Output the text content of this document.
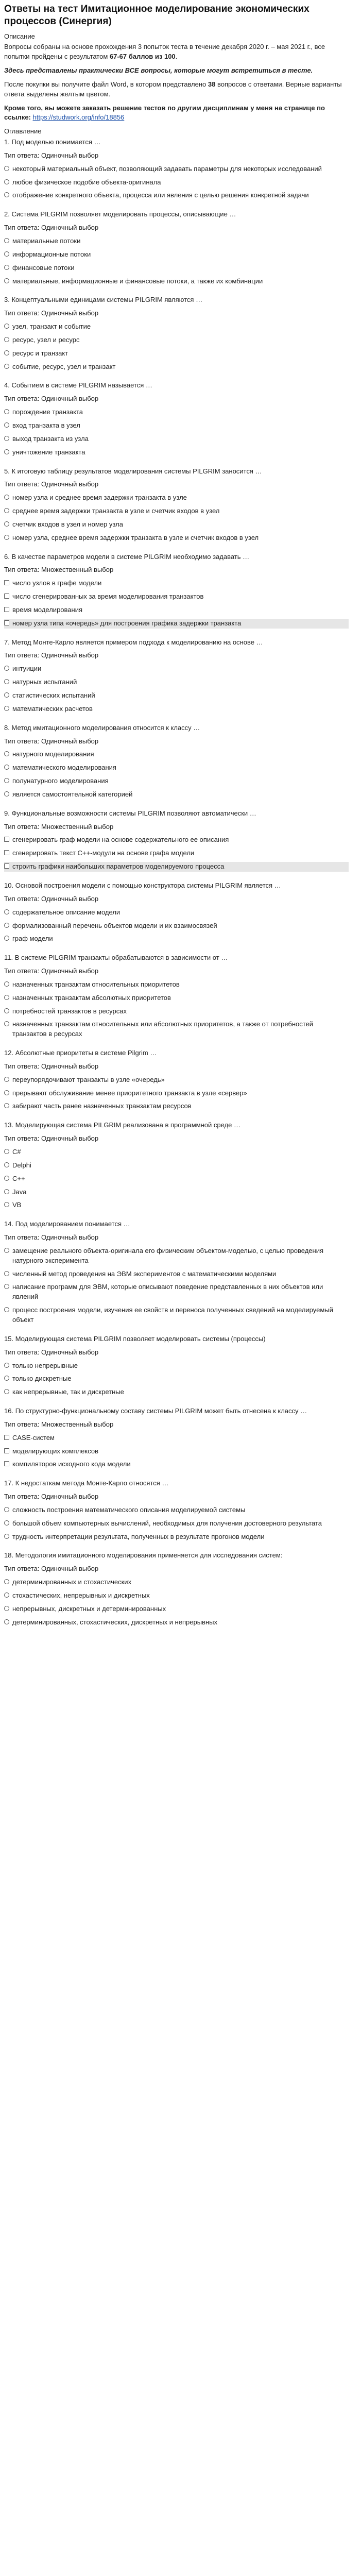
Ответы на тест Имитационное моделирование экономических процессов (Синергия)
Описание

Вопросы собраны на основе прохождения 3 попыток теста в течение декабря 2020 г. – мая 2021 г., все попытки пройдены с результатом 67-67 баллов из 100.

Здесь представлены практически ВСЕ вопросы, которые могут встретиться в тесте.

После покупки вы получите файл Word, в котором представлено 38 вопросов с ответами. Верные варианты ответа выделены желтым цветом.

Кроме того, вы можете заказать решение тестов по другим дисциплинам у меня на странице по ссылке: https://studwork.org/info/18856

Оглавление
1. Под моделью понимается …
Тип ответа: Одиночный выбор
некоторый материальный объект, позволяющий задавать параметры для некоторых исследований
любое физическое подобие объекта-оригинала
отображение конкретного объекта, процесса или явления с целью решения конкретной задачи
2. Система PILGRIM позволяет моделировать процессы, описывающие …
Тип ответа: Одиночный выбор
материальные потоки
информационные потоки
финансовые потоки
материальные, информационные и финансовые потоки, а также их комбинации
3. Концептуальными единицами системы PILGRIM являются …
Тип ответа: Одиночный выбор
узел, транзакт и событие
ресурс, узел и ресурс
ресурс и транзакт
событие, ресурс, узел и транзакт
4. Событием в системе PILGRIM называется …
Тип ответа: Одиночный выбор
порождение транзакта
вход транзакта в узел
выход транзакта из узла
уничтожение транзакта
5. К итоговую таблицу результатов моделирования системы PILGRIM заносится …
Тип ответа: Одиночный выбор
номер узла и среднее время задержки транзакта в узле
среднее время задержки транзакта в узле и счетчик входов в узел
счетчик входов в узел и номер узла
номер узла, среднее время задержки транзакта в узле и счетчик входов в узел
6. В качестве параметров модели в системе PILGRIM необходимо задавать …
Тип ответа: Множественный выбор
число узлов в графе модели
число сгенерированных за время моделирования транзактов
время моделирования
номер узла типа «очередь» для построения графика задержки транзакта
7. Метод Монте-Карло является примером подхода к моделированию на основе …
Тип ответа: Одиночный выбор
интуиции
натурных испытаний
статистических испытаний
математических расчетов
8. Метод имитационного моделирования относится к классу …
Тип ответа: Одиночный выбор
натурного моделирования
математического моделирования
полунатурного моделирования
является самостоятельной категорией
9. Функциональные возможности системы PILGRIM позволяют автоматически …
Тип ответа: Множественный выбор
сгенерировать граф модели на основе содержательного ее описания
сгенерировать текст C++-модули на основе графа модели
строить графики наибольших параметров моделируемого процесса
10. Основой построения модели с помощью конструктора системы PILGRIM является …
Тип ответа: Одиночный выбор
содержательное описание модели
формализованный перечень объектов модели и их взаимосвязей
граф модели
11. В системе PILGRIM транзакты обрабатываются в зависимости от …
Тип ответа: Одиночный выбор
назначенных транзактам относительных приоритетов
назначенных транзактам абсолютных приоритетов
потребностей транзактов в ресурсах
назначенных транзактам относительных или абсолютных приоритетов, а также от потребностей транзактов в ресурсах
12. Абсолютные приоритеты в системе Pilgrim …
Тип ответа: Одиночный выбор
переупорядочивают транзакты в узле «очередь»
прерывают обслуживание менее приоритетного транзакта в узле «сервер»
забирают часть ранее назначенных транзактам ресурсов
13. Моделирующая система PILGRIM реализована в программной среде …
Тип ответа: Одиночный выбор
C#
Delphi
C++
Java
VB
14. Под моделированием понимается …
Тип ответа: Одиночный выбор
замещение реального объекта-оригинала его физическим объектом-моделью, с целью проведения натурного эксперимента
численный метод проведения на ЭВМ экспериментов с математическими моделями
написание программ для ЭВМ, которые описывают поведение представленных в них объектов или явлений
процесс построения модели, изучения ее свойств и переноса полученных сведений на моделируемый объект
15. Моделирующая система PILGRIM позволяет моделировать системы (процессы)
Тип ответа: Одиночный выбор
только непрерывные
только дискретные
как непрерывные, так и дискретные
16. По структурно-функциональному составу системы PILGRIM может быть отнесена к классу …
Тип ответа: Множественный выбор
CASE-систем
моделирующих комплексов
компиляторов исходного кода модели
17. К недостаткам метода Монте-Карло относятся …
Тип ответа: Одиночный выбор
сложность построения математического описания моделируемой системы
большой объем компьютерных вычислений, необходимых для получения достоверного результата
трудность интерпретации результата, полученных в результате прогонов модели
18. Методология имитационного моделирования применяется для исследования систем:
Тип ответа: Одиночный выбор
детерминированных и стохастических
стохастических, непрерывных и дискретных
непрерывных, дискретных и детерминированных
детерминированных, стохастических, дискретных и непрерывных
